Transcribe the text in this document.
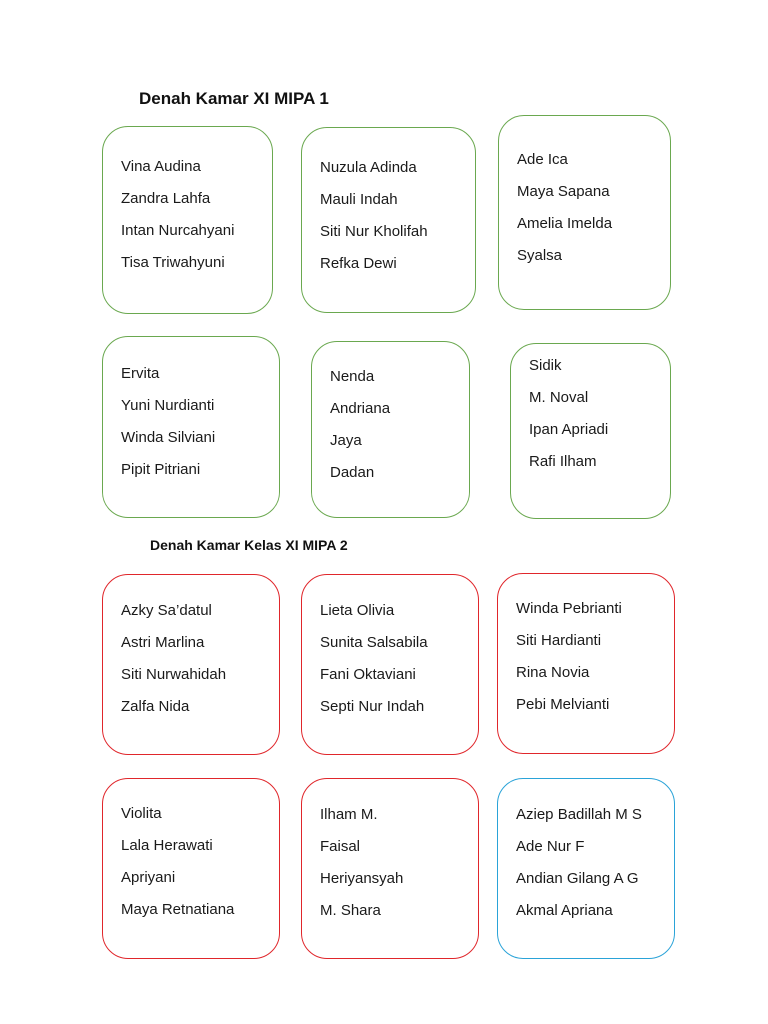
Denah Kamar XI MIPA 1
Vina Audina
Zandra Lahfa
Intan Nurcahyani
Tisa Triwahyuni
Nuzula Adinda
Mauli Indah
Siti Nur Kholifah
Refka Dewi
Ade Ica
Maya Sapana
Amelia Imelda
Syalsa
Ervita
Yuni Nurdianti
Winda Silviani
Pipit Pitriani
Nenda
Andriana
Jaya
Dadan
Sidik
M. Noval
Ipan Apriadi
Rafi Ilham
Denah Kamar Kelas XI MIPA 2
Azky Sa’datul
Astri Marlina
Siti Nurwahidah
Zalfa Nida
Lieta Olivia
Sunita Salsabila
Fani Oktaviani
Septi Nur Indah
Winda Pebrianti
Siti Hardianti
Rina Novia
Pebi Melvianti
Violita
Lala Herawati
Apriyani
Maya Retnatiana
Ilham M.
Faisal
Heriyansyah
M. Shara
Aziep Badillah M S
Ade Nur F
Andian Gilang A G
Akmal Apriana
